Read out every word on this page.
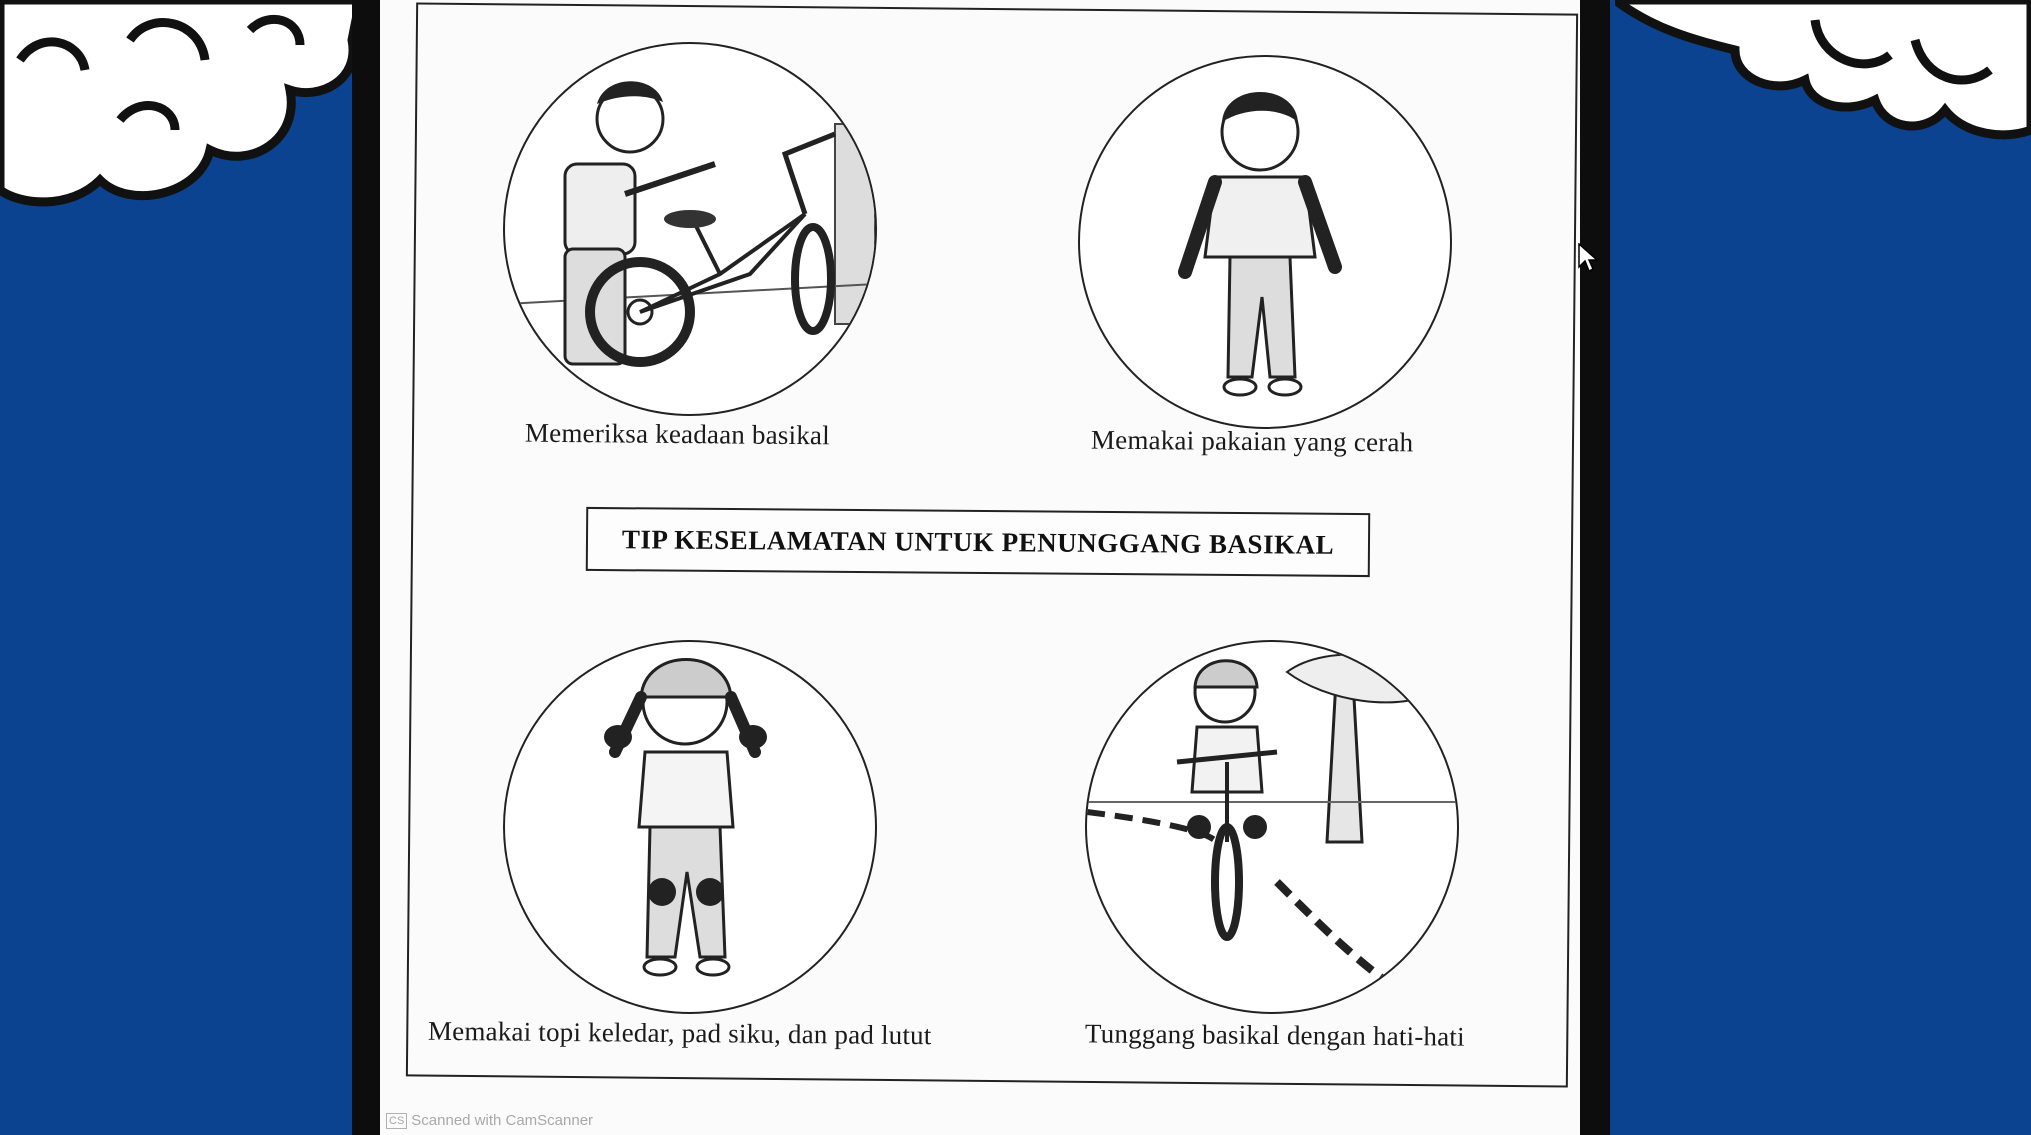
Memeriksa keadaan basikal	Memakai pakaian yang cerah
TIP KESELAMATAN UNTUK PENUNGGANG BASIKAL
Memakai topi keledar, pad siku, dan pad lutut	Tunggang basikal dengan hati-hati
CS Scanned with CamScanner
